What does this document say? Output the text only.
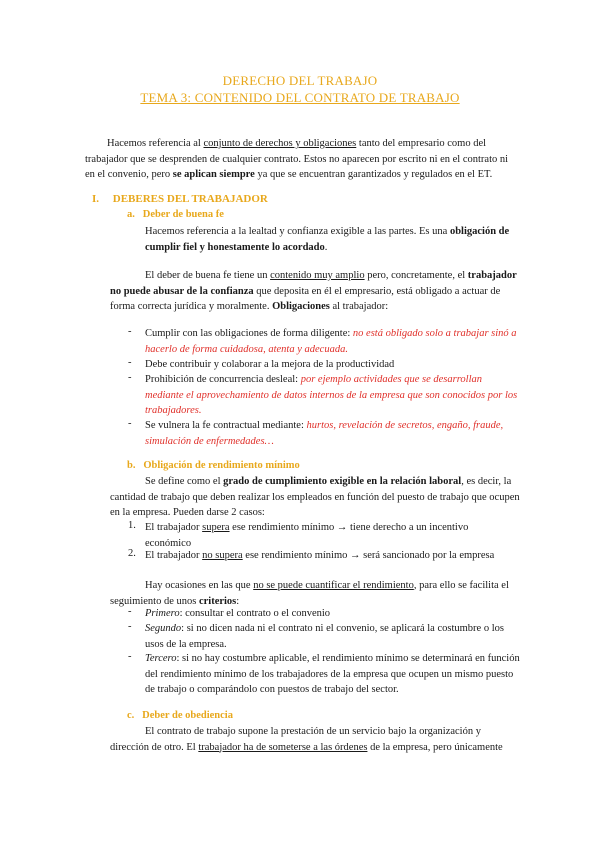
DERECHO DEL TRABAJO
TEMA 3: CONTENIDO DEL CONTRATO DE TRABAJO

Hacemos referencia al conjunto de derechos y obligaciones tanto del empresario como del trabajador que se desprenden de cualquier contrato. Estos no aparecen por escrito ni en el contrato ni en el convenio, pero se aplican siempre ya que se encuentran garantizados y regulados en el ET.

I. DEBERES DEL TRABAJADOR
a. Deber de buena fe

Hacemos referencia a la lealtad y confianza exigible a las partes. Es una obligación de cumplir fiel y honestamente lo acordado.

El deber de buena fe tiene un contenido muy amplio pero, concretamente, el trabajador no puede abusar de la confianza que deposita en él el empresario, está obligado a actuar de forma correcta jurídica y moralmente. Obligaciones al trabajador:

- Cumplir con las obligaciones de forma diligente: no está obligado solo a trabajar sinó a hacerlo de forma cuidadosa, atenta y adecuada.

- Debe contribuir y colaborar a la mejora de la productividad

- Prohibición de concurrencia desleal: por ejemplo actividades que se desarrollan mediante el aprovechamiento de datos internos de la empresa que son conocidos por los trabajadores.

- Se vulnera la fe contractual mediante: hurtos, revelación de secretos, engaño, fraude, simulación de enfermedades…

b. Obligación de rendimiento mínimo

Se define como el grado de cumplimiento exigible en la relación laboral, es decir, la cantidad de trabajo que deben realizar los empleados en función del puesto de trabajo que ocupen en la empresa. Pueden darse 2 casos:

1. El trabajador supera ese rendimiento mínimo → tiene derecho a un incentivo económico

2. El trabajador no supera ese rendimiento mínimo → será sancionado por la empresa

Hay ocasiones en las que no se puede cuantificar el rendimiento, para ello se facilita el seguimiento de unos criterios:

- Primero: consultar el contrato o el convenio

- Segundo: si no dicen nada ni el contrato ni el convenio, se aplicará la costumbre o los usos de la empresa.

- Tercero: si no hay costumbre aplicable, el rendimiento mínimo se determinará en función del rendimiento mínimo de los trabajadores de la empresa que ocupen un mismo puesto de trabajo o comparándolo con puestos de trabajo del sector.

c. Deber de obediencia

El contrato de trabajo supone la prestación de un servicio bajo la organización y dirección de otro. El trabajador ha de someterse a las órdenes de la empresa, pero únicamente
